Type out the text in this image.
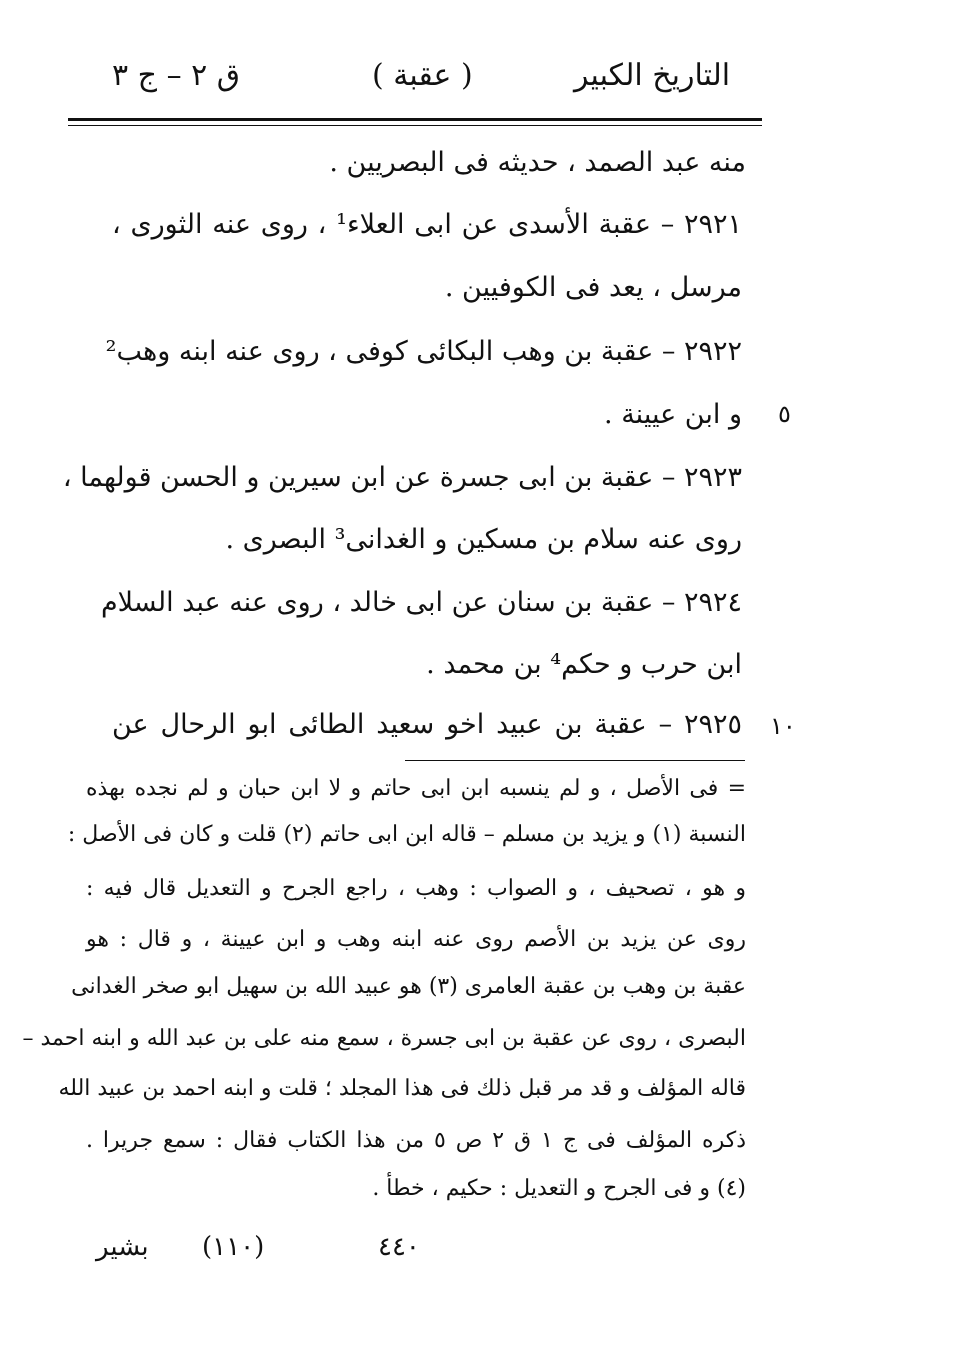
التاريخ الكبير
( عقبة )
ق ٢ – ج ٣
منه عبد الصمد ، حديثه فى البصريين .
٢٩٢١ – عقبة الأسدى عن ابى العلاء¹ ، روى عنه الثورى ،
مرسل ، يعد فى الكوفيين .
٢٩٢٢ – عقبة بن وهب البكائى كوفى ، روى عنه ابنه وهب²
و ابن عيينة .
٢٩٢٣ – عقبة بن ابى جسرة عن ابن سيرين و الحسن قولهما ،
روى عنه سلام بن مسكين و الغدانى³ البصرى .
٢٩٢٤ – عقبة بن سنان عن ابى خالد ، روى عنه عبد السلام
ابن حرب و حكم⁴ بن محمد .
٢٩٢٥ – عقبة بن عبيد اخو سعيد الطائى ابو الرحال عن
٥
١٠
= فى الأصل ، و لم ينسبه ابن ابى حاتم و لا ابن حبان و لم نجده بهذه
النسبة (١) و يزيد بن مسلم – قاله ابن ابى حاتم (٢) قلت و كان فى الأصل :
و هو ، تصحيف ، و الصواب : وهب ، راجع الجرح و التعديل قال فيه :
روى عن يزيد بن الأصم روى عنه ابنه وهب و ابن عيينة ، و قال : هو
عقبة بن وهب بن عقبة العامرى (٣) هو عبيد الله بن سهيل ابو صخر الغدانى
البصرى ، روى عن عقبة بن ابى جسرة ، سمع منه على بن عبد الله و ابنه احمد –
قاله المؤلف و قد مر قبل ذلك فى هذا المجلد ؛ قلت و ابنه احمد بن عبيد الله
ذكره المؤلف فى ج ١ ق ٢ ص ٥ من هذا الكتاب فقال : سمع جريرا .
(٤) و فى الجرح و التعديل : حكيم ، خطأ .
٤٤٠
(١١٠)
بشير
